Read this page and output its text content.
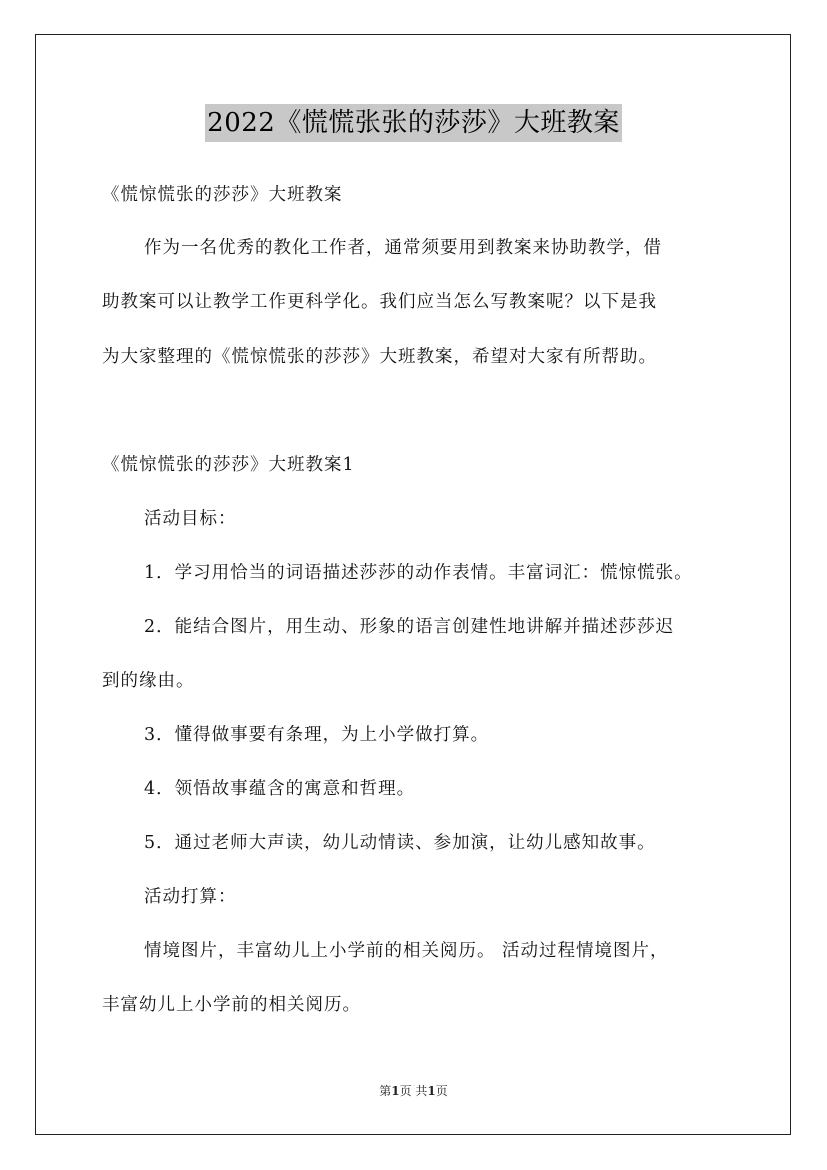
2022《慌慌张张的莎莎》大班教案
《慌惊慌张的莎莎》大班教案
作为一名优秀的教化工作者，通常须要用到教案来协助教学，借
助教案可以让教学工作更科学化。我们应当怎么写教案呢？以下是我
为大家整理的《慌惊慌张的莎莎》大班教案，希望对大家有所帮助。
《慌惊慌张的莎莎》大班教案1
活动目标：
1．学习用恰当的词语描述莎莎的动作表情。丰富词汇：慌惊慌张。
2．能结合图片，用生动、形象的语言创建性地讲解并描述莎莎迟
到的缘由。
3．懂得做事要有条理，为上小学做打算。
4．领悟故事蕴含的寓意和哲理。
5．通过老师大声读，幼儿动情读、参加演，让幼儿感知故事。
活动打算：
情境图片，丰富幼儿上小学前的相关阅历。 活动过程情境图片，
丰富幼儿上小学前的相关阅历。
第1页 共1页
